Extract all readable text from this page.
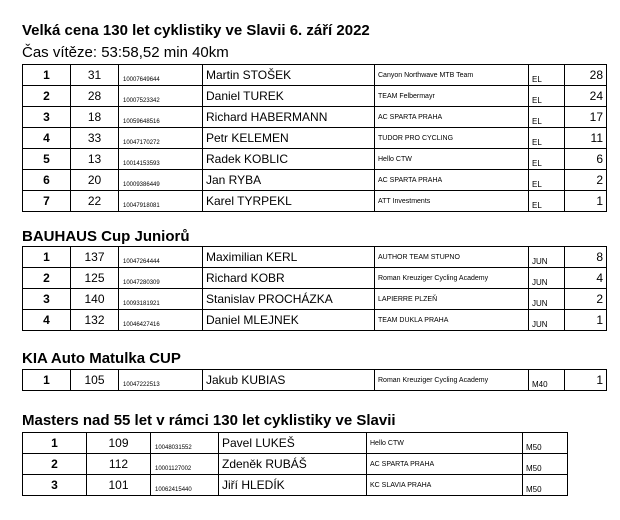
Velká cena 130 let cyklistiky ve Slavii 6. září 2022
Čas vítěze: 53:58,52 min 40km
1	31	10007649644	Martin STOŠEK	Canyon Northwave MTB Team	EL	28
2	28	10007523342	Daniel TUREK	TEAM Felbermayr	EL	24
3	18	10059648516	Richard HABERMANN	AC SPARTA PRAHA	EL	17
4	33	10047170272	Petr KELEMEN	TUDOR PRO CYCLING	EL	11
5	13	10014153593	Radek KOBLIC	Hello CTW	EL	6
6	20	10009386449	Jan RYBA	AC SPARTA PRAHA	EL	2
7	22	10047918081	Karel TYRPEKL	ATT Investments	EL	1
BAUHAUS Cup Juniorů
1	137	10047264444	Maximilian KERL	AUTHOR TEAM STUPNO	JUN	8
2	125	10047280309	Richard KOBR	Roman Kreuziger Cycling Academy	JUN	4
3	140	10093181921	Stanislav PROCHÁZKA	LAPIERRE PLZEŇ	JUN	2
4	132	10046427416	Daniel MLEJNEK	TEAM DUKLA PRAHA	JUN	1
KIA Auto Matulka CUP
1	105	10047222513	Jakub KUBIAS	Roman Kreuziger Cycling Academy	M40	1
Masters nad 55 let v rámci 130 let cyklistiky ve Slavii
1	109	10048031552	Pavel LUKEŠ	Hello CTW	M50
2	112	10001127002	Zdeněk RUBÁŠ	AC SPARTA PRAHA	M50
3	101	10062415440	Jiří HLEDÍK	KC SLAVIA PRAHA	M50
